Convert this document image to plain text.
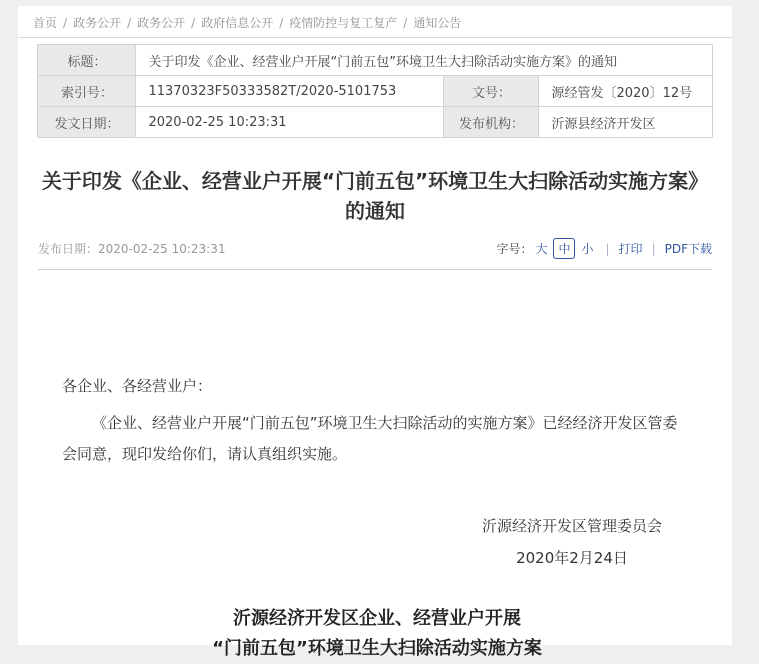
首页 / 政务公开 / 政务公开 / 政府信息公开 / 疫情防控与复工复产 / 通知公告
标题：	关于印发《企业、经营业户开展“门前五包”环境卫生大扫除活动实施方案》的通知		
索引号：	11370323F50333582T/2020-5101753	文号：	源经管发〔2020〕12号
发文日期：	2020-02-25 10:23:31	发布机构：	沂源县经济开发区
关于印发《企业、经营业户开展“门前五包”环境卫生大扫除活动实施方案》的通知
发布日期：2020-02-25 10:23:31	字号： 大 中 小 | 打印 | PDF下载

各企业、各经营业户：

《企业、经营业户开展“门前五包”环境卫生大扫除活动的实施方案》已经经济开发区管委会同意，现印发给你们，请认真组织实施。

沂源经济开发区管理委员会
2020年2月24日
沂源经济开发区企业、经营业户开展
“门前五包”环境卫生大扫除活动实施方案
